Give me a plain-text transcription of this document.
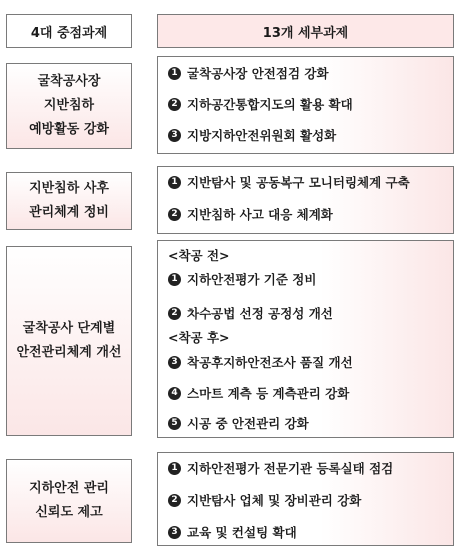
4대 중점과제	13개 세부과제
굴착공사장
지반침하
예방활동 강화
1 굴착공사장 안전점검 강화
2 지하공간통합지도의 활용 확대
3 지방지하안전위원회 활성화
지반침하 사후
관리체계 정비
1 지반탐사 및 공동복구 모니터링체계 구축
2 지반침하 사고 대응 체계화
굴착공사 단계별
안전관리체계 개선
<착공 전>
1 지하안전평가 기준 정비
2 차수공법 선정 공정성 개선
<착공 후>
3 착공후지하안전조사 품질 개선
4 스마트 계측 등 계측관리 강화
5 시공 중 안전관리 강화
지하안전 관리
신뢰도 제고
1 지하안전평가 전문기관 등록실태 점검
2 지반탐사 업체 및 장비관리 강화
3 교육 및 컨설팅 확대
